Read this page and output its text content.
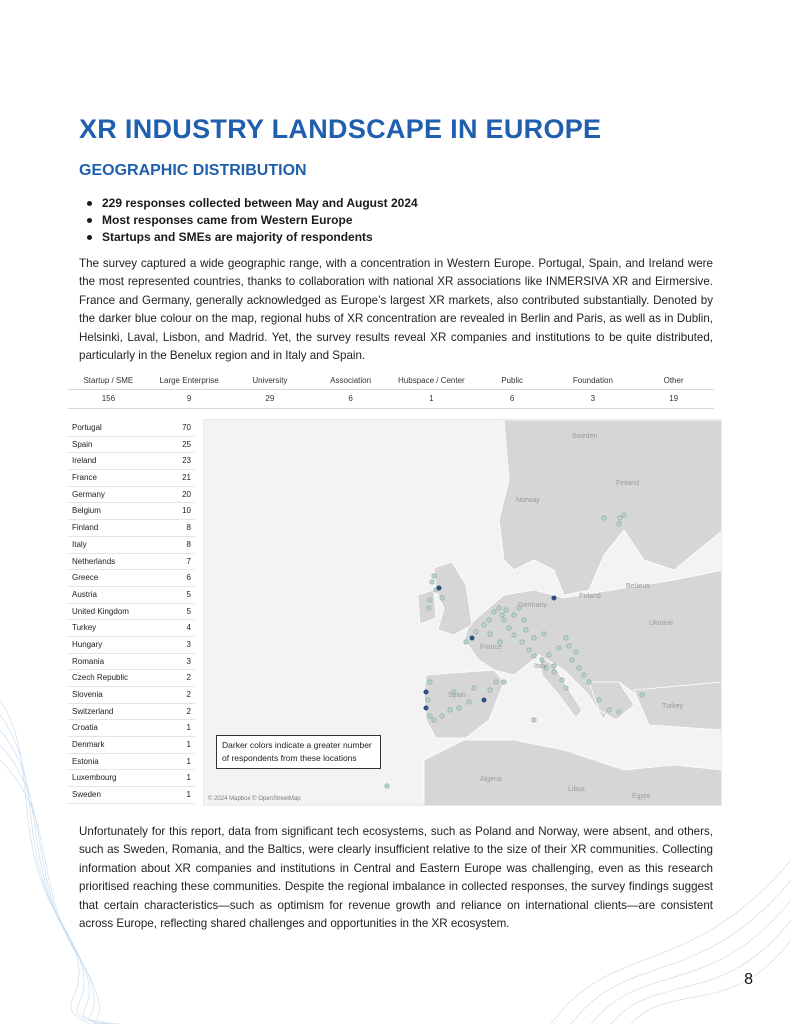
XR INDUSTRY LANDSCAPE IN EUROPE
GEOGRAPHIC DISTRIBUTION
229 responses collected between May and August 2024
Most responses came from Western Europe
Startups and SMEs are majority of respondents

The survey captured a wide geographic range, with a concentration in Western Europe. Portugal, Spain, and Ireland were the most represented countries, thanks to collaboration with national XR associations like INMERSIVA XR and Eirmersive. France and Germany, generally acknowledged as Europe’s largest XR markets, also contributed substantially. Denoted by the darker blue colour on the map, regional hubs of XR concentration are revealed in Berlin and Paris, as well as in Dublin, Helsinki, Laval, Lisbon, and Madrid. Yet, the survey results reveal XR companies and institutions to be quite distributed, particularly in the Benelux region and in Italy and Spain.

Startup / SME	Large Enterprise	University	Association	Hubspace / Center	Public	Foundation	Other
156	9	29	6	1	6	3	19
Portugal	70
Spain	25
Ireland	23
France	21
Germany	20
Belgium	10
Finland	8
Italy	8
Netherlands	7
Greece	6
Austria	5
United Kingdom	5
Turkey	4
Hungary	3
Romania	3
Czech Republic	2
Slovenia	2
Switzerland	2
Croatia	1
Denmark	1
Estonia	1
Luxembourg	1
Sweden	1
Sweden
Finland
Norway
Belarus
Poland
Germany
Ukraine
France
Italy
Spain
Turkey
Algeria
Libya
Egypt
Darker colors indicate a greater number of respondents from these locations
© 2024 Mapbox © OpenStreetMap

Unfortunately for this report, data from significant tech ecosystems, such as Poland and Norway, were absent, and others, such as Sweden, Romania, and the Baltics, were clearly insufficient relative to the size of their XR communities. Collecting information about XR companies and institutions in Central and Eastern Europe was challenging, even as this research prioritised reaching these communities. Despite the regional imbalance in collected responses, the survey findings suggest that certain characteristics—such as optimism for revenue growth and reliance on international clients—are consistent across Europe, reflecting shared challenges and opportunities in the XR ecosystem.

8
